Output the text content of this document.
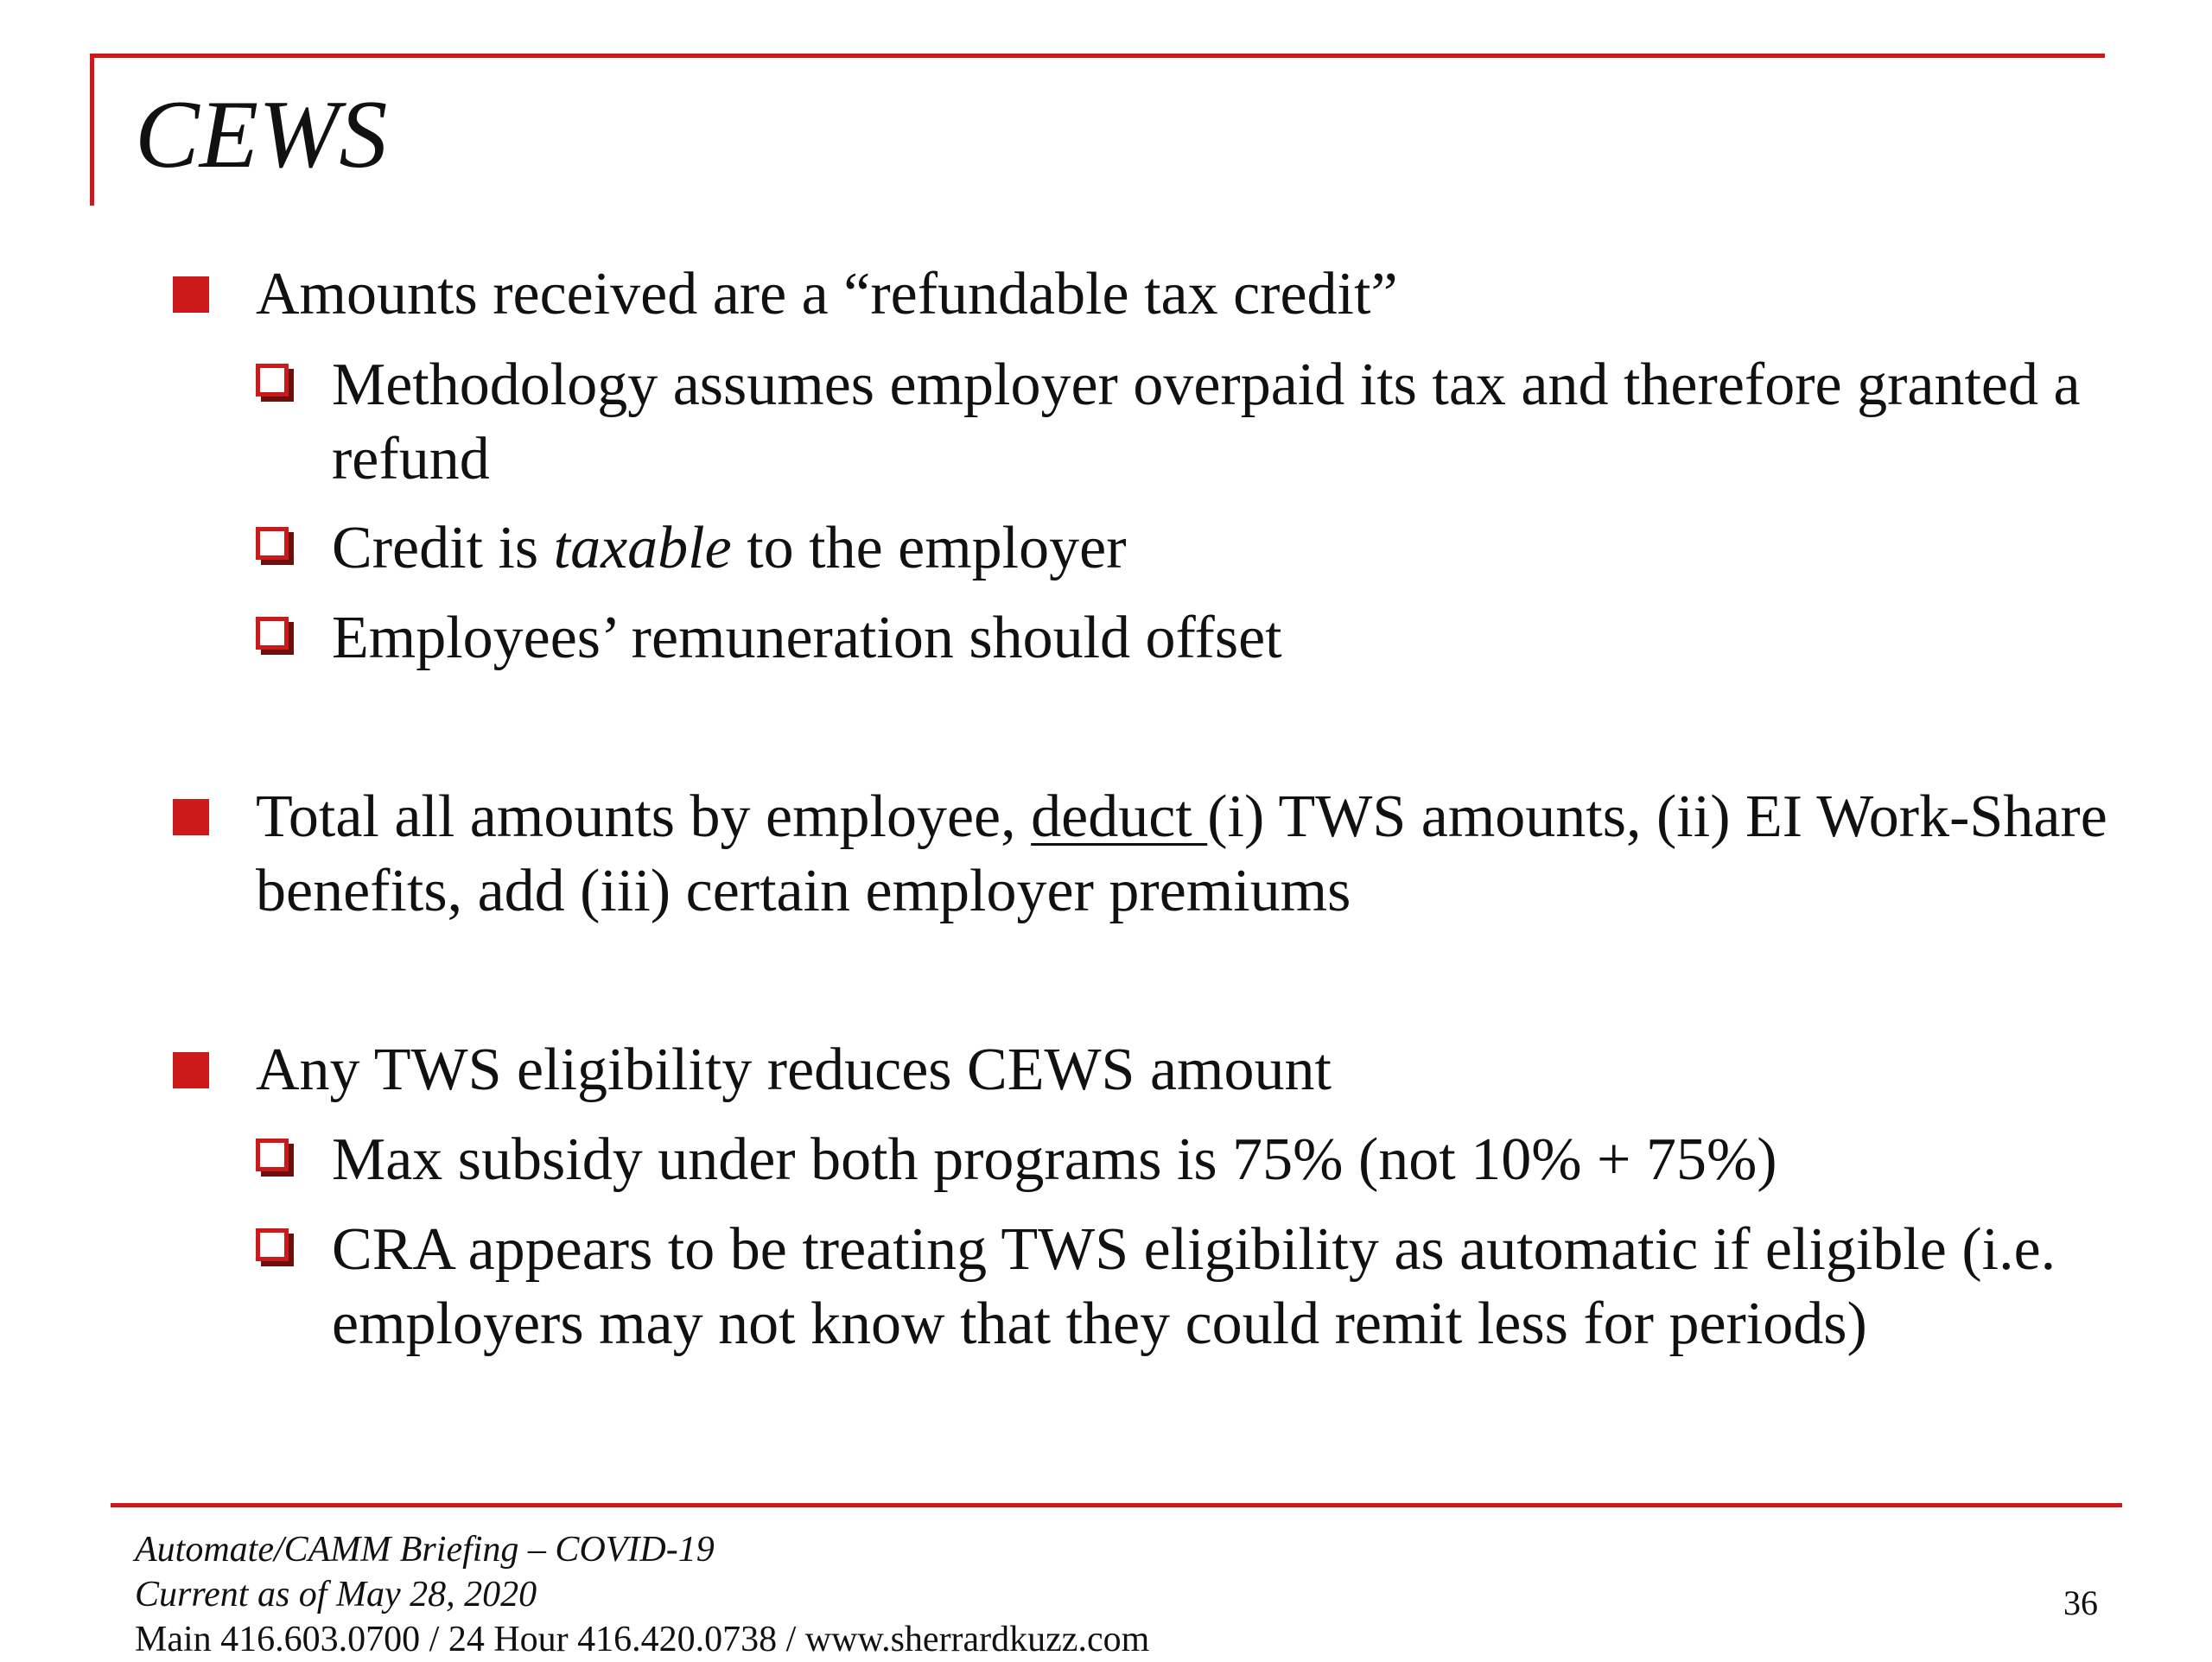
CEWS
Amounts received are a “refundable tax credit”
Methodology assumes employer overpaid its tax and therefore granted a refund
Credit is taxable to the employer
Employees’ remuneration should offset
Total all amounts by employee, deduct (i) TWS amounts, (ii) EI Work-Share benefits, add (iii) certain employer premiums
Any TWS eligibility reduces CEWS amount
Max subsidy under both programs is 75% (not 10% + 75%)
CRA appears to be treating TWS eligibility as automatic if eligible (i.e. employers may not know that they could remit less for periods)
Automate/CAMM Briefing – COVID-19
Current as of May 28, 2020
Main 416.603.0700 / 24 Hour 416.420.0738 / www.sherrardkuzz.com
36
